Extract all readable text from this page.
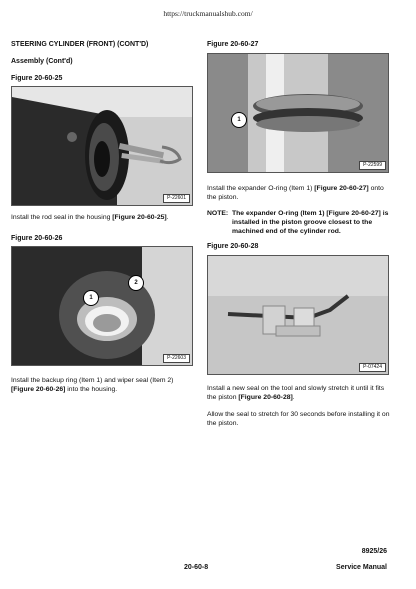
https://truckmanualshub.com/
STEERING CYLINDER (FRONT) (CONT'D)
Assembly (Cont'd)
Figure 20-60-25
P-22601
Install the rod seal in the housing [Figure 20-60-25].
Figure 20-60-26
1
2
P-22603
Install the backup ring (Item 1) and wiper seal (Item 2) [Figure 20-60-26] into the housing.
Figure 20-60-27
1
P-22599
Install the expander O-ring (Item 1) [Figure 20-60-27] onto the piston.
NOTE: The expander O-ring (Item 1) [Figure 20-60-27] is installed in the piston groove closest to the machined end of the cylinder rod.
Figure 20-60-28
P-07424
Install a new seal on the tool and slowly stretch it until it fits the piston [Figure 20-60-28].
Allow the seal to stretch for 30 seconds before installing it on the piston.
20-60-8
8925/26
Service Manual
